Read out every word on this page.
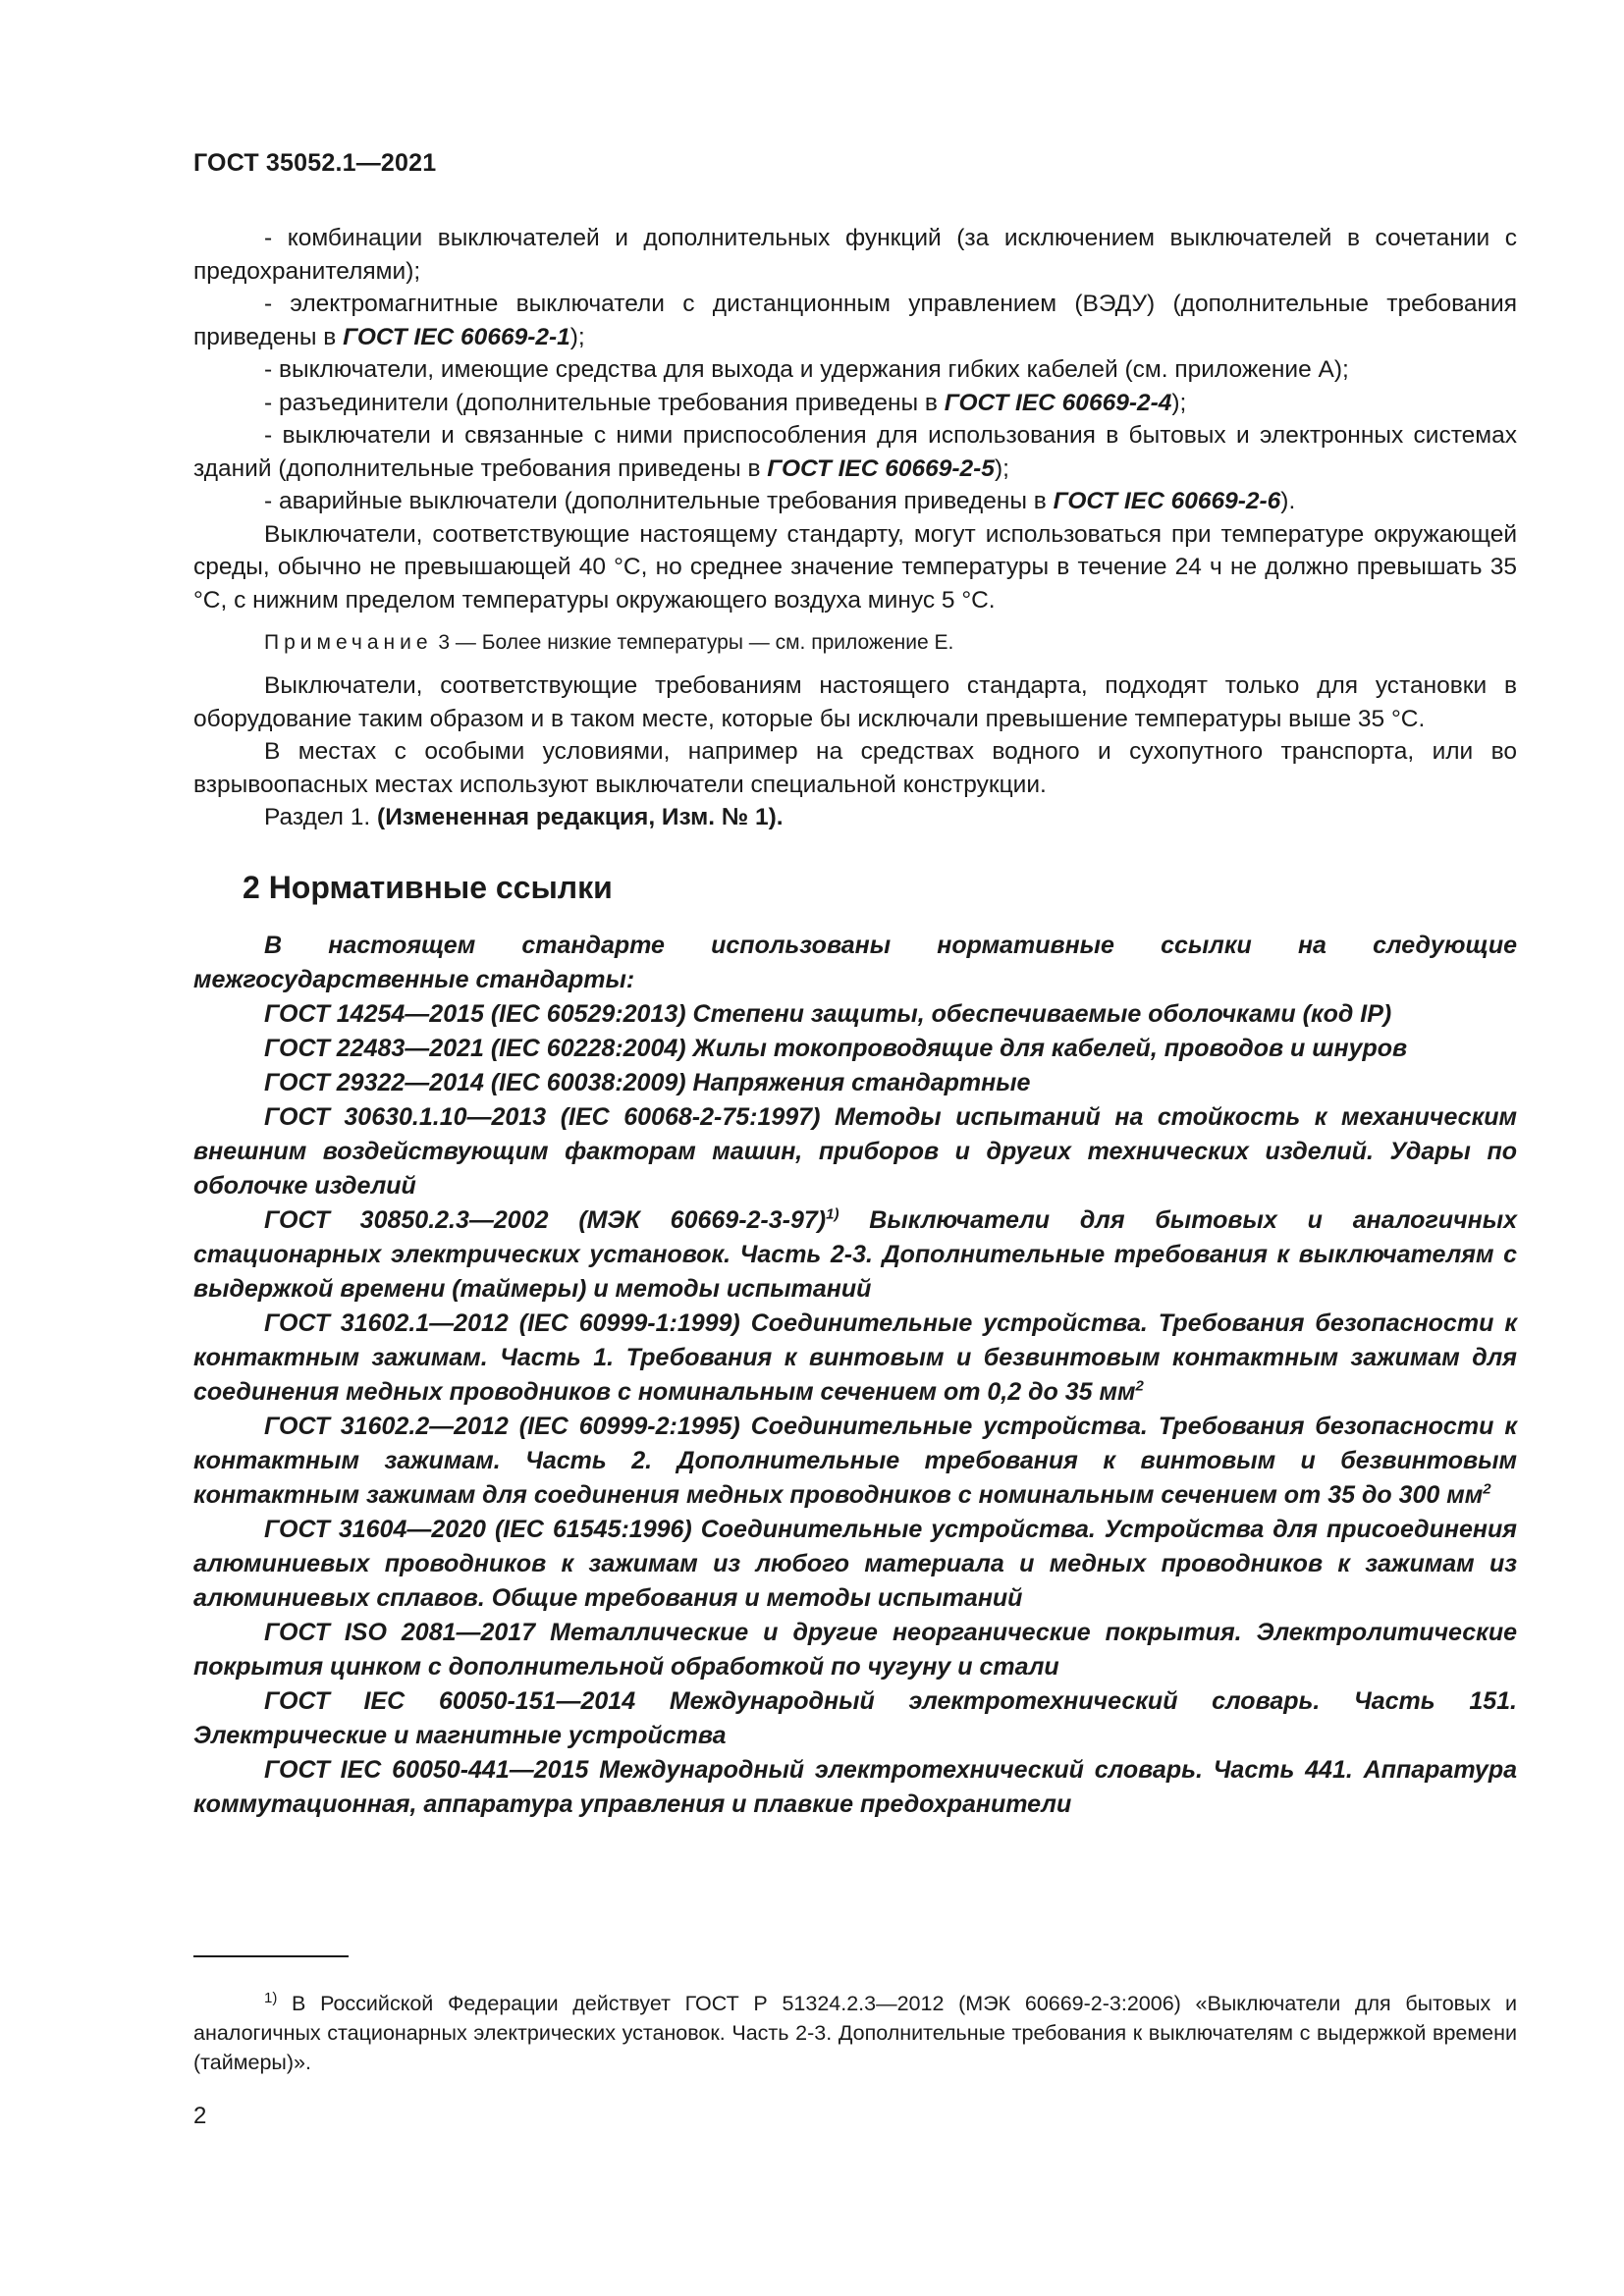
ГОСТ 35052.1—2021

- комбинации выключателей и дополнительных функций (за исключением выключателей в сочетании с предохранителями);

- электромагнитные выключатели с дистанционным управлением (ВЭДУ) (дополнительные требования приведены в ГОСТ IEC 60669-2-1);

- выключатели, имеющие средства для выхода и удержания гибких кабелей (см. приложение А);

- разъединители (дополнительные требования приведены в ГОСТ IEC 60669-2-4);

- выключатели и связанные с ними приспособления для использования в бытовых и электронных системах зданий (дополнительные требования приведены в ГОСТ IEC 60669-2-5);

- аварийные выключатели (дополнительные требования приведены в ГОСТ IEC 60669-2-6).

Выключатели, соответствующие настоящему стандарту, могут использоваться при температуре окружающей среды, обычно не превышающей 40 °С, но среднее значение температуры в течение 24 ч не должно превышать 35 °С, с нижним пределом температуры окружающего воздуха минус 5 °С.

Примечание 3 — Более низкие температуры — см. приложение Е.

Выключатели, соответствующие требованиям настоящего стандарта, подходят только для установки в оборудование таким образом и в таком месте, которые бы исключали превышение температуры выше 35 °С.

В местах с особыми условиями, например на средствах водного и сухопутного транспорта, или во взрывоопасных местах используют выключатели специальной конструкции.

Раздел 1. (Измененная редакция, Изм. № 1).

2 Нормативные ссылки

В настоящем стандарте использованы нормативные ссылки на следующие межгосударственные стандарты:

ГОСТ 14254—2015 (IEC 60529:2013) Степени защиты, обеспечиваемые оболочками (код IP)

ГОСТ 22483—2021 (IEC 60228:2004) Жилы токопроводящие для кабелей, проводов и шнуров

ГОСТ 29322—2014 (IEC 60038:2009) Напряжения стандартные

ГОСТ 30630.1.10—2013 (IEC 60068-2-75:1997) Методы испытаний на стойкость к механическим внешним воздействующим факторам машин, приборов и других технических изделий. Удары по оболочке изделий

ГОСТ 30850.2.3—2002 (МЭК 60669-2-3-97)$^{1)}$ Выключатели для бытовых и аналогичных стационарных электрических установок. Часть 2-3. Дополнительные требования к выключателям с выдержкой времени (таймеры) и методы испытаний

ГОСТ 31602.1—2012 (IEC 60999-1:1999) Соединительные устройства. Требования безопасности к контактным зажимам. Часть 1. Требования к винтовым и безвинтовым контактным зажимам для соединения медных проводников с номинальным сечением от 0,2 до 35 $мм^2$

ГОСТ 31602.2—2012 (IEC 60999-2:1995) Соединительные устройства. Требования безопасности к контактным зажимам. Часть 2. Дополнительные требования к винтовым и безвинтовым контактным зажимам для соединения медных проводников с номинальным сечением от 35 до 300 $мм^2$

ГОСТ 31604—2020 (IEC 61545:1996) Соединительные устройства. Устройства для присоединения алюминиевых проводников к зажимам из любого материала и медных проводников к зажимам из алюминиевых сплавов. Общие требования и методы испытаний

ГОСТ ISO 2081—2017 Металлические и другие неорганические покрытия. Электролитические покрытия цинком с дополнительной обработкой по чугуну и стали

ГОСТ IEC 60050-151—2014 Международный электротехнический словарь. Часть 151. Электрические и магнитные устройства

ГОСТ IEC 60050-441—2015 Международный электротехнический словарь. Часть 441. Аппаратура коммутационная, аппаратура управления и плавкие предохранители

$^{1)}$ В Российской Федерации действует ГОСТ Р 51324.2.3—2012 (МЭК 60669-2-3:2006) «Выключатели для бытовых и аналогичных стационарных электрических установок. Часть 2-3. Дополнительные требования к выключателям с выдержкой времени (таймеры)».

2
